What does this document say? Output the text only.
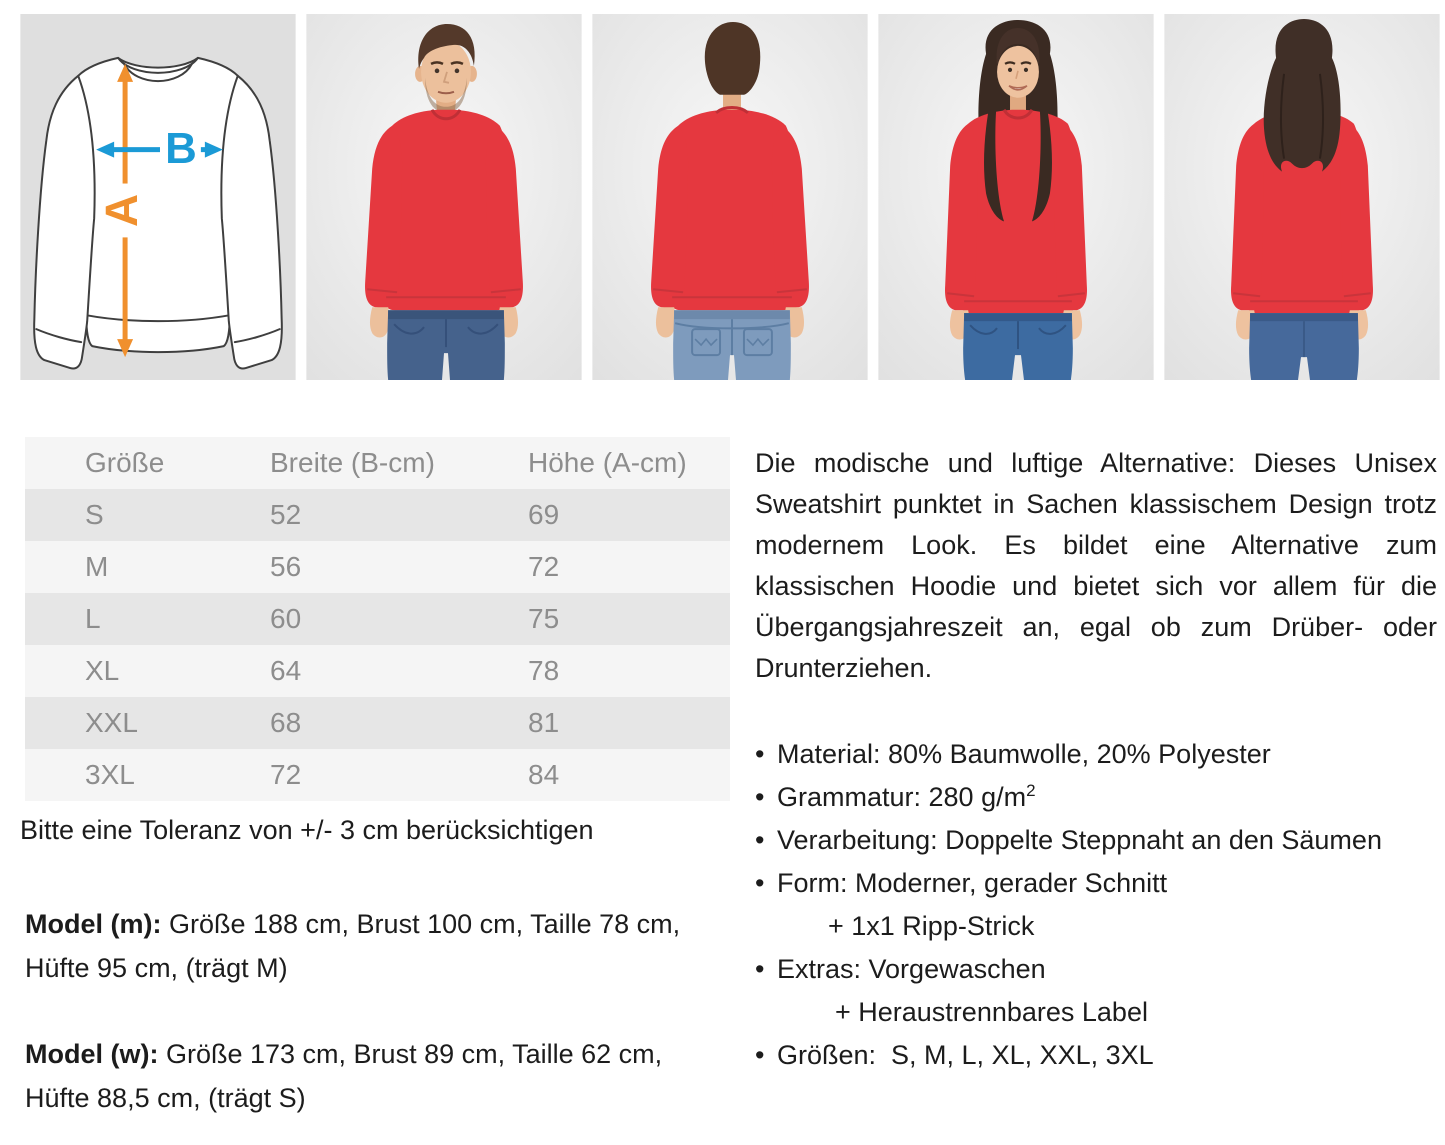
A
B
Größe	Breite (B-cm)	Höhe (A-cm)
S	52	69
M	56	72
L	60	75
XL	64	78
XXL	68	81
3XL	72	84
Bitte eine Toleranz von +/- 3 cm berücksichtigen

Model (m): Größe 188 cm, Brust 100 cm, Taille 78 cm, Hüfte 95 cm, (trägt M)

Model (w): Größe 173 cm, Brust 89 cm, Taille 62 cm, Hüfte 88,5 cm, (trägt S)

Die modische und luftige Alternative: Dieses Unisex Sweatshirt punktet in Sachen klassischem Design trotz modernem Look. Es bildet eine Alternative zum klassischen Hoodie und bietet sich vor allem für die Übergangsjahreszeit an, egal ob zum Drüber- oder Drunterziehen.

• Material: 80% Baumwolle, 20% Polyester
• Grammatur: 280 $g/m^2$
• Verarbeitung: Doppelte Steppnaht an den Säumen
• Form: Moderner, gerader Schnitt
+ 1x1 Ripp-Strick
• Extras: Vorgewaschen
+ Heraustrennbares Label
• Größen:  S, M, L, XL, XXL, 3XL
